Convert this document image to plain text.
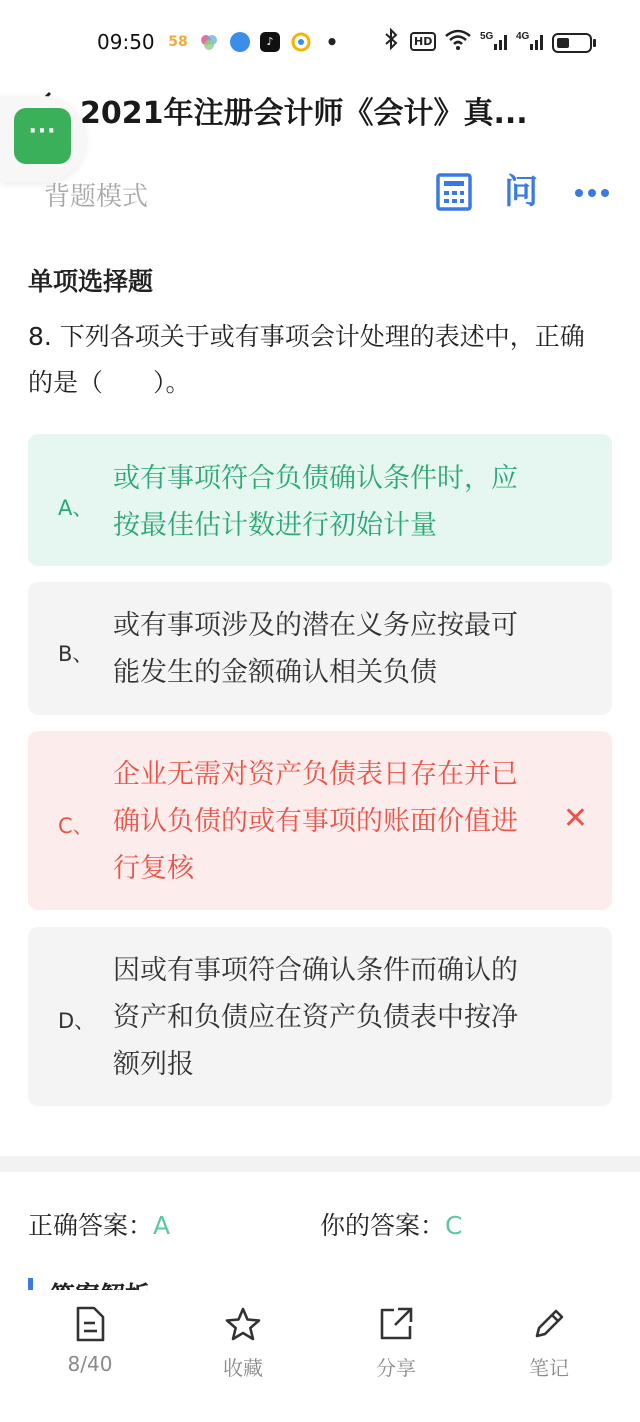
09:50 58	♪	•	HD	5G 4G
2021年注册会计师《会计》真...
···
背题模式	问
单项选择题
8. 下列各项关于或有事项会计处理的表述中，正确的是（　　）。
A、
或有事项符合负债确认条件时，应按最佳估计数进行初始计量
B、
或有事项涉及的潜在义务应按最可能发生的金额确认相关负债
C、
企业无需对资产负债表日存在并已确认负债的或有事项的账面价值进行复核
✕
D、
因或有事项符合确认条件而确认的资产和负债应在资产负债表中按净额列报
正确答案：A	你的答案：C
8/40	收藏	分享	笔记
